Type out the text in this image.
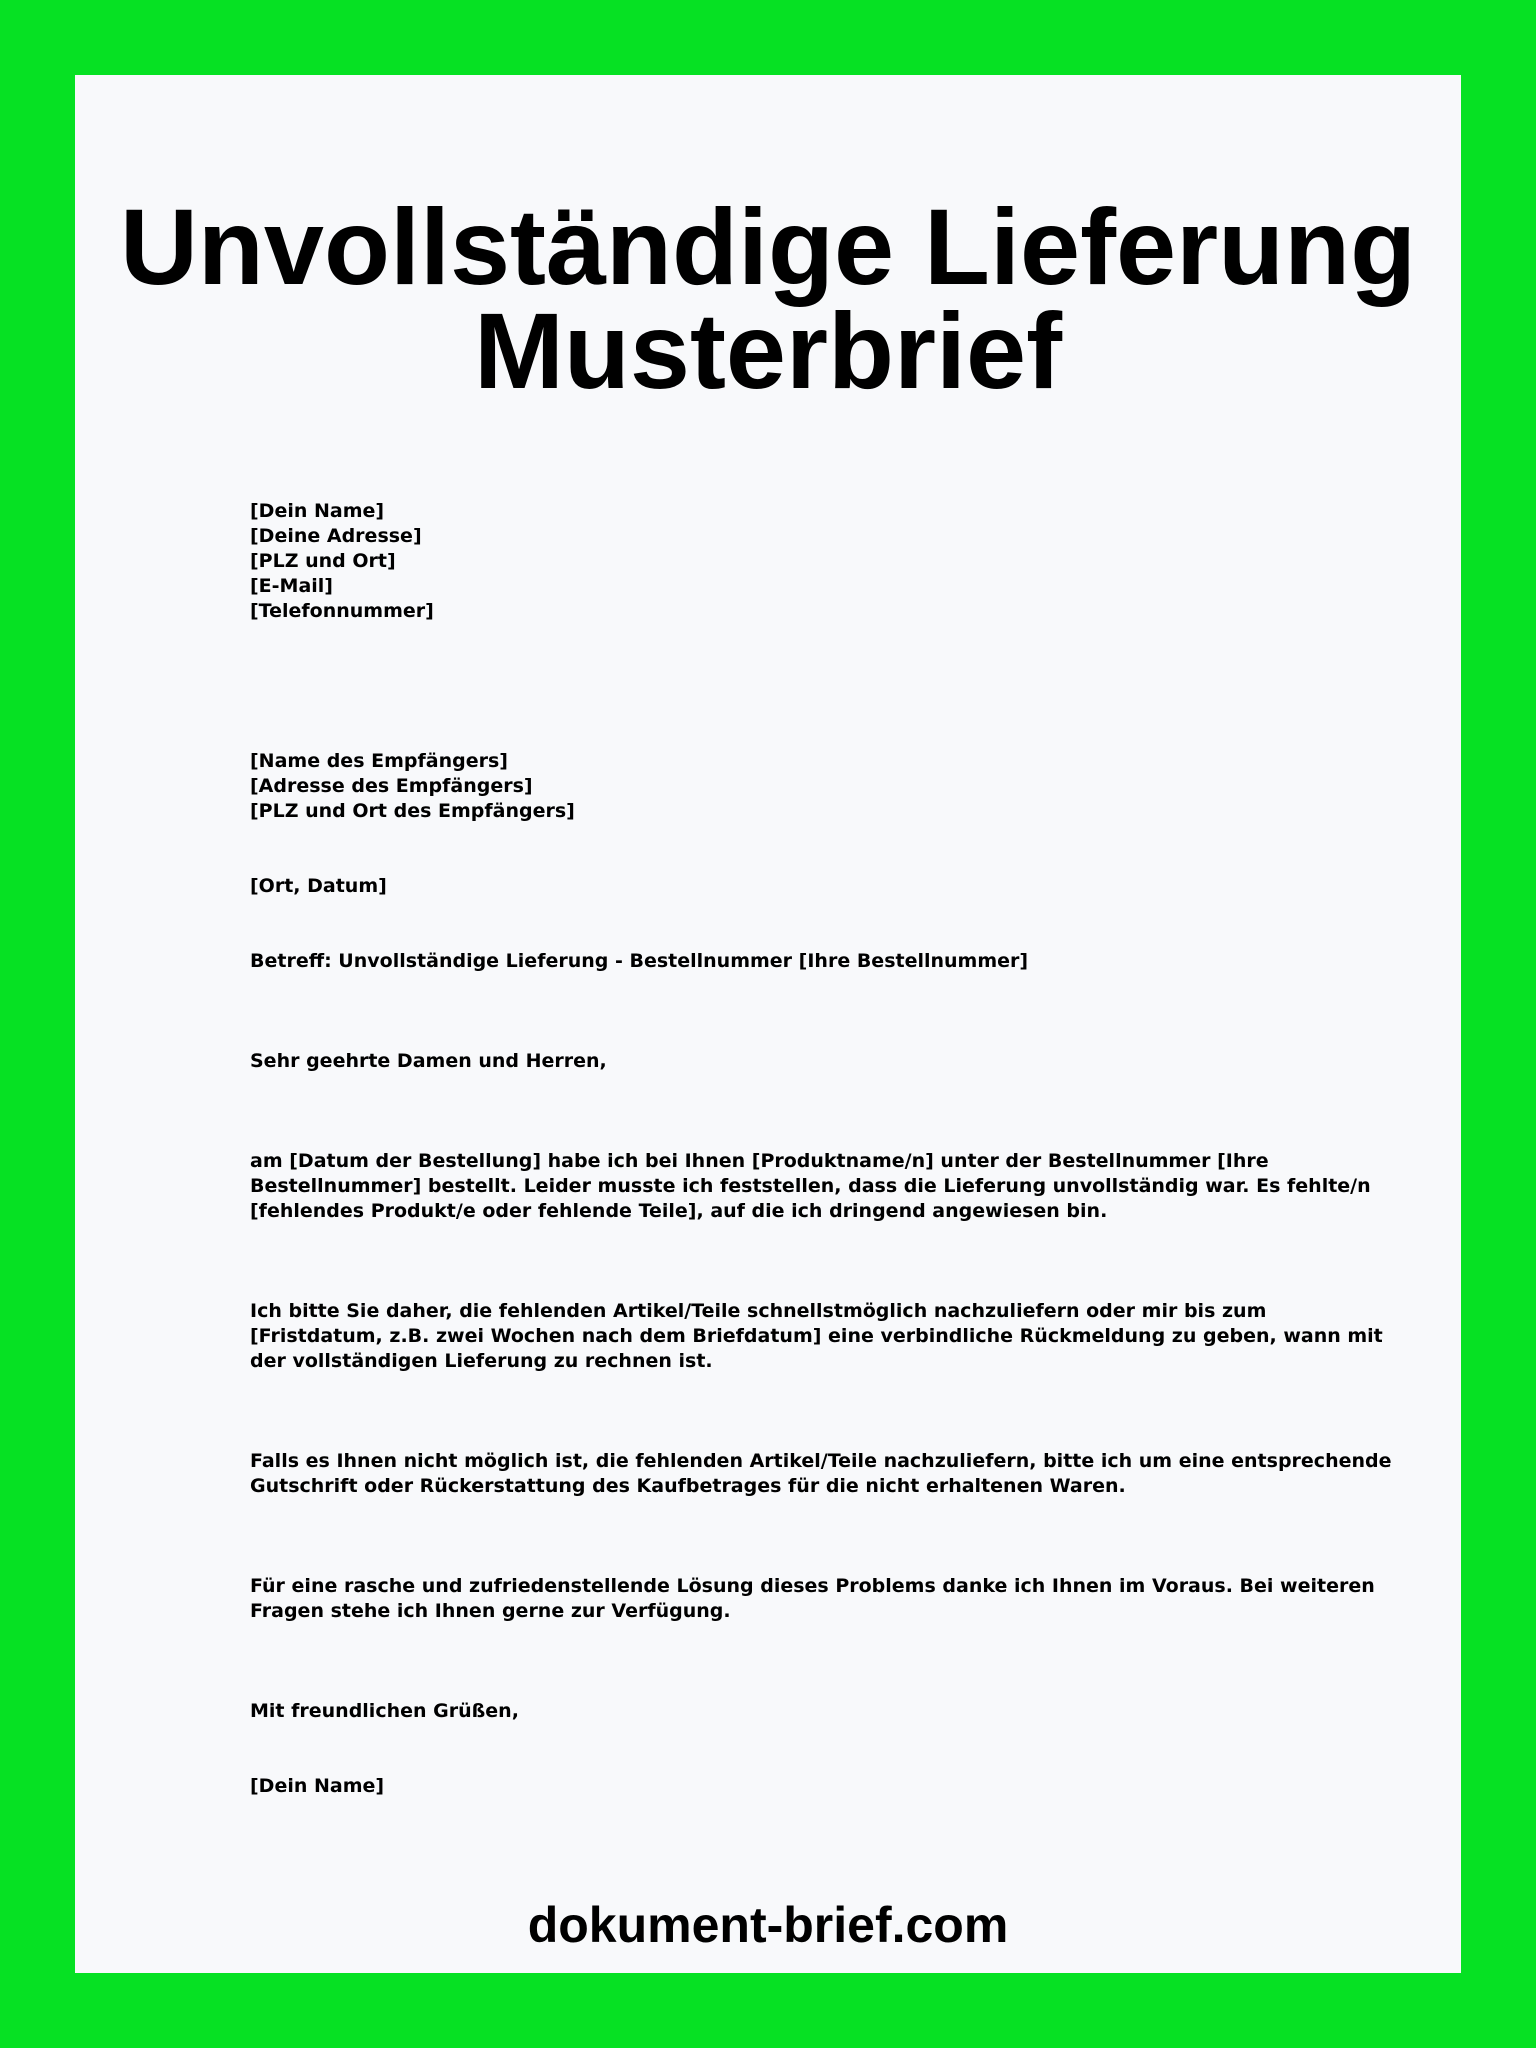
Unvollständige Lieferung
Musterbrief
[Dein Name]
[Deine Adresse]
[PLZ und Ort]
[E-Mail]
[Telefonnummer]
[Name des Empfängers]
[Adresse des Empfängers]
[PLZ und Ort des Empfängers]
[Ort, Datum]
Betreff: Unvollständige Lieferung - Bestellnummer [Ihre Bestellnummer]
Sehr geehrte Damen und Herren,
am [Datum der Bestellung] habe ich bei Ihnen [Produktname/n] unter der Bestellnummer [Ihre
Bestellnummer] bestellt. Leider musste ich feststellen, dass die Lieferung unvollständig war. Es fehlte/n
[fehlendes Produkt/e oder fehlende Teile], auf die ich dringend angewiesen bin.
Ich bitte Sie daher, die fehlenden Artikel/Teile schnellstmöglich nachzuliefern oder mir bis zum
[Fristdatum, z.B. zwei Wochen nach dem Briefdatum] eine verbindliche Rückmeldung zu geben, wann mit
der vollständigen Lieferung zu rechnen ist.
Falls es Ihnen nicht möglich ist, die fehlenden Artikel/Teile nachzuliefern, bitte ich um eine entsprechende
Gutschrift oder Rückerstattung des Kaufbetrages für die nicht erhaltenen Waren.
Für eine rasche und zufriedenstellende Lösung dieses Problems danke ich Ihnen im Voraus. Bei weiteren
Fragen stehe ich Ihnen gerne zur Verfügung.
Mit freundlichen Grüßen,
[Dein Name]
dokument-brief.com
